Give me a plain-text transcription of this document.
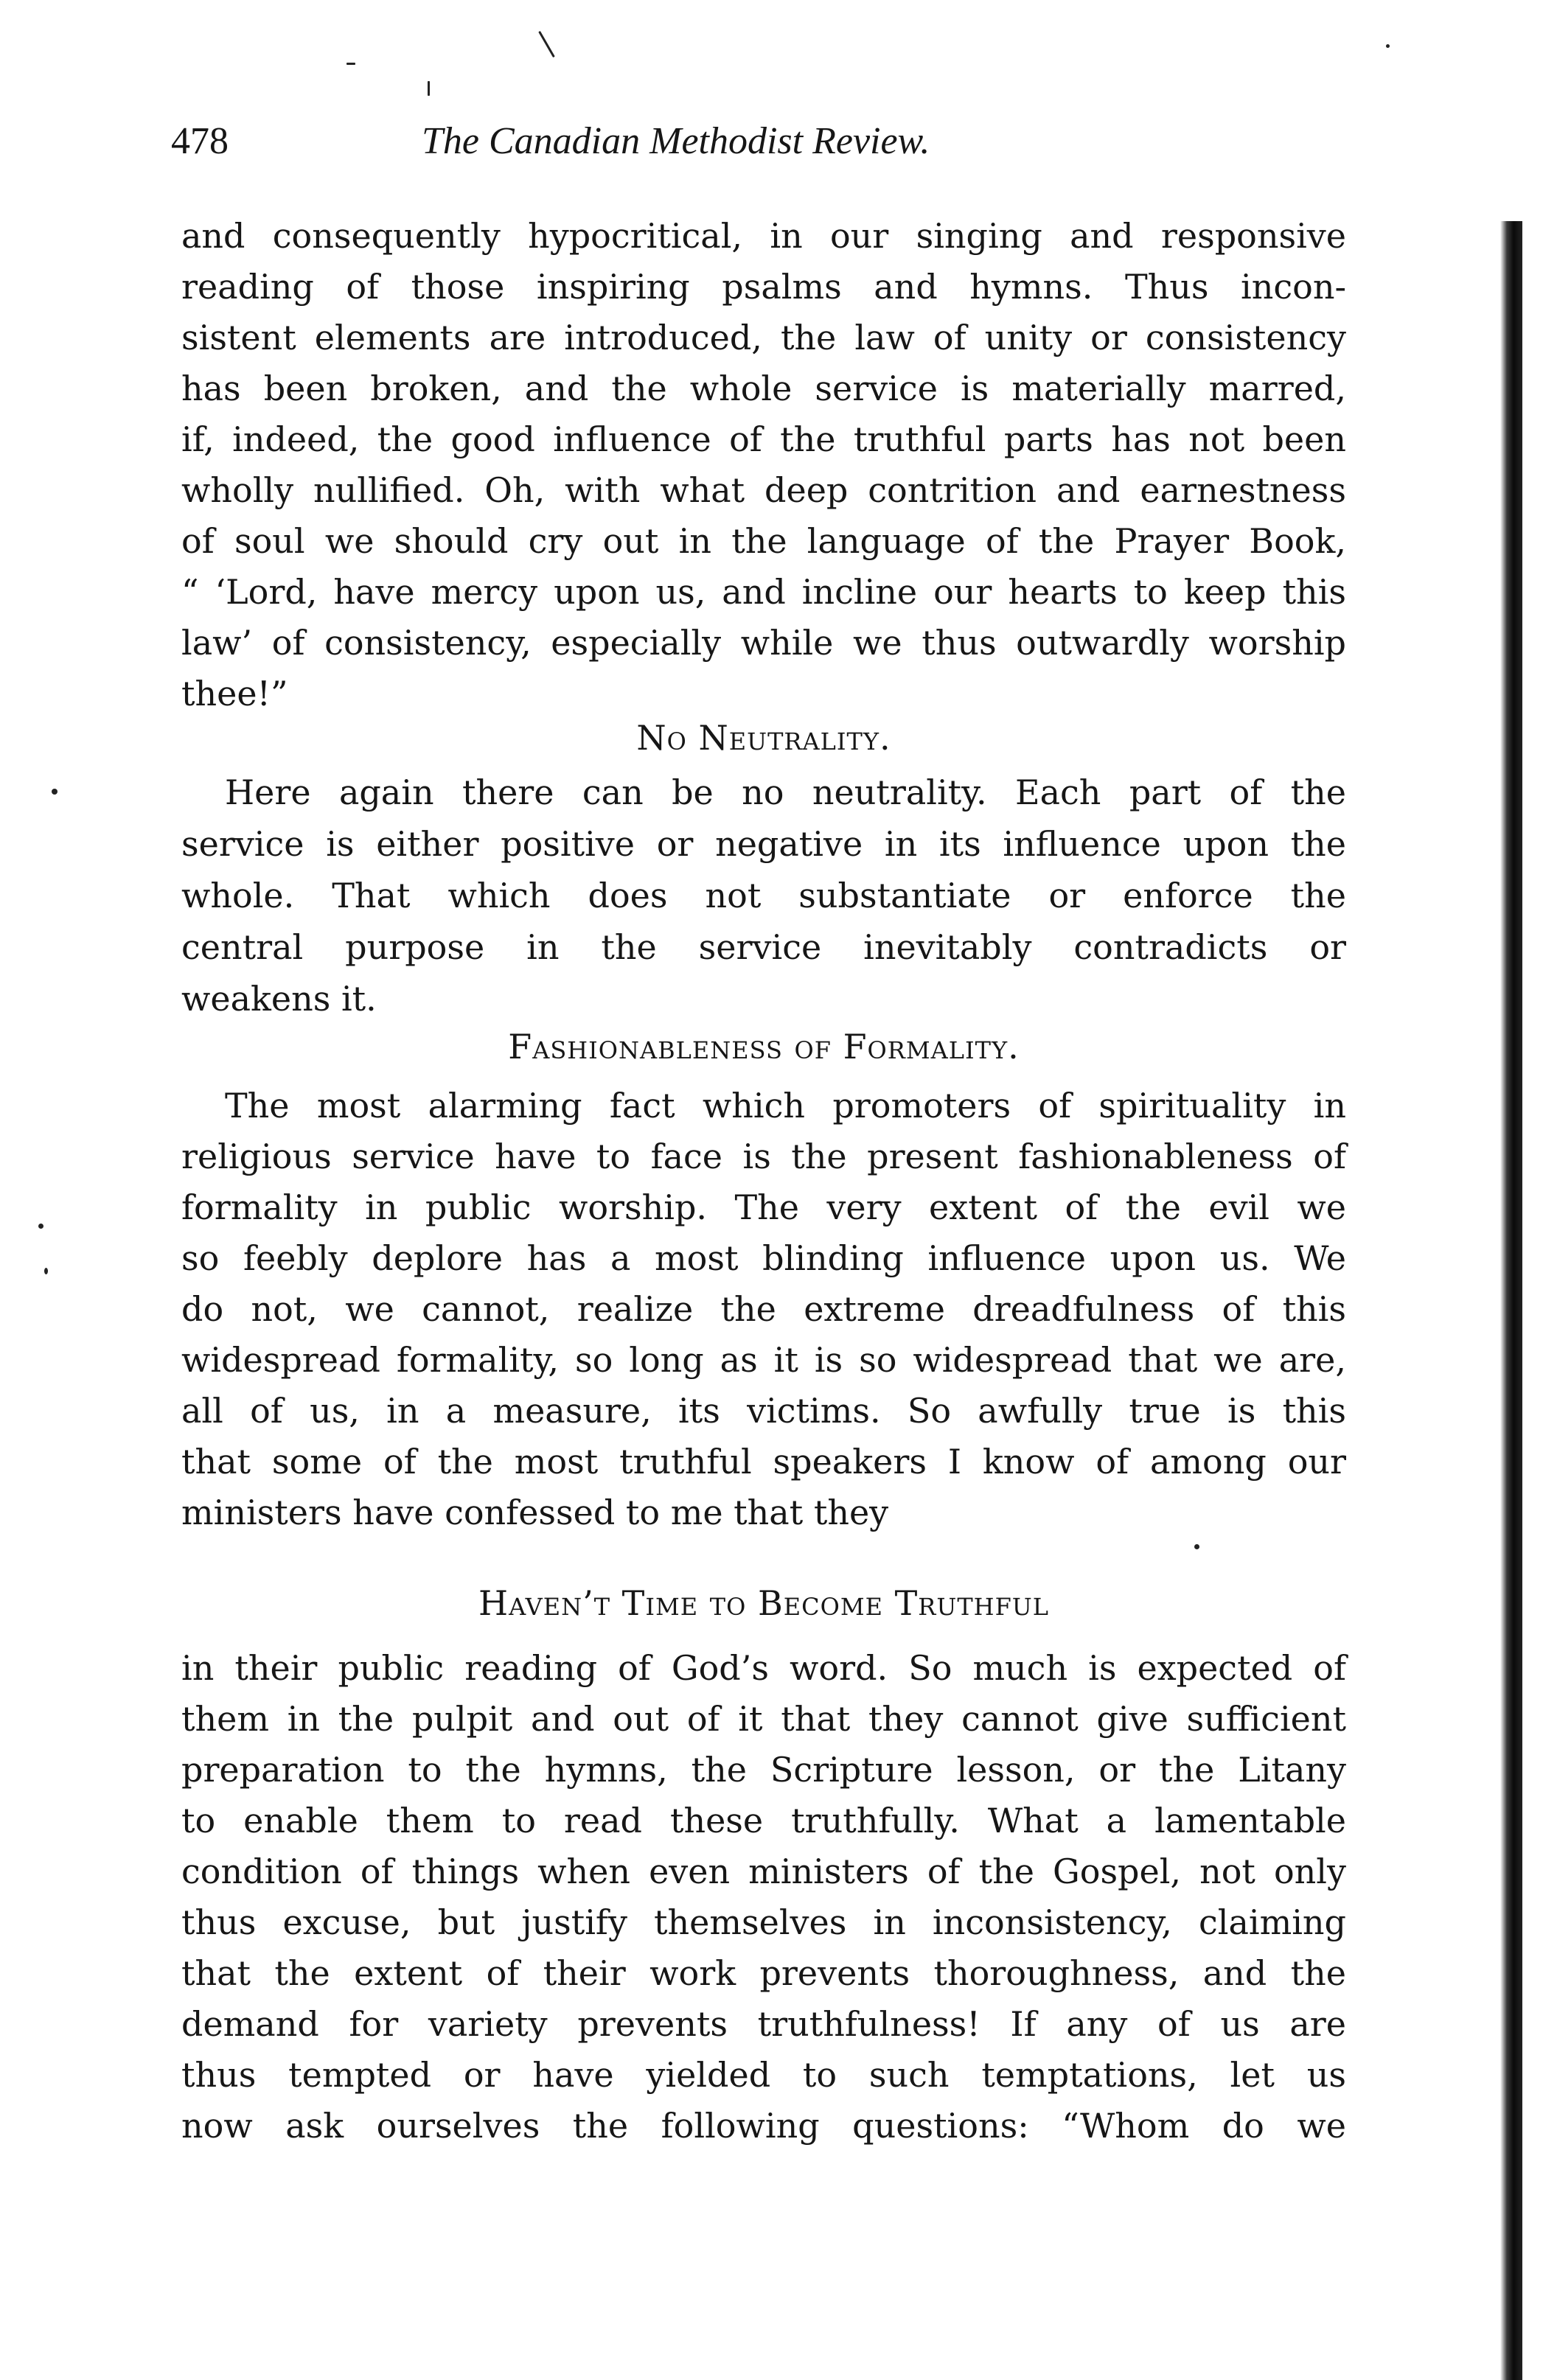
478	The Canadian Methodist Review.
and consequently hypocritical, in our singing and responsive
reading of those inspiring psalms and hymns. Thus incon-
sistent elements are introduced, the law of unity or consistency
has been broken, and the whole service is materially marred,
if, indeed, the good influence of the truthful parts has not been
wholly nullified. Oh, with what deep contrition and earnestness
of soul we should cry out in the language of the Prayer Book,
“ ‘Lord, have mercy upon us, and incline our hearts to keep this
law’ of consistency, especially while we thus outwardly worship
thee!”
No Neutrality.
Here again there can be no neutrality. Each part of the
service is either positive or negative in its influence upon the
whole. That which does not substantiate or enforce the
central purpose in the service inevitably contradicts or
weakens it.
Fashionableness of Formality.
The most alarming fact which promoters of spirituality in
religious service have to face is the present fashionableness of
formality in public worship. The very extent of the evil we
so feebly deplore has a most blinding influence upon us. We
do not, we cannot, realize the extreme dreadfulness of this
widespread formality, so long as it is so widespread that we are,
all of us, in a measure, its victims. So awfully true is this
that some of the most truthful speakers I know of among our
ministers have confessed to me that they
Haven’t Time to Become Truthful
in their public reading of God’s word. So much is expected of
them in the pulpit and out of it that they cannot give sufficient
preparation to the hymns, the Scripture lesson, or the Litany
to enable them to read these truthfully. What a lamentable
condition of things when even ministers of the Gospel, not only
thus excuse, but justify themselves in inconsistency, claiming
that the extent of their work prevents thoroughness, and the
demand for variety prevents truthfulness! If any of us are
thus tempted or have yielded to such temptations, let us
now ask ourselves the following questions: “Whom do we
